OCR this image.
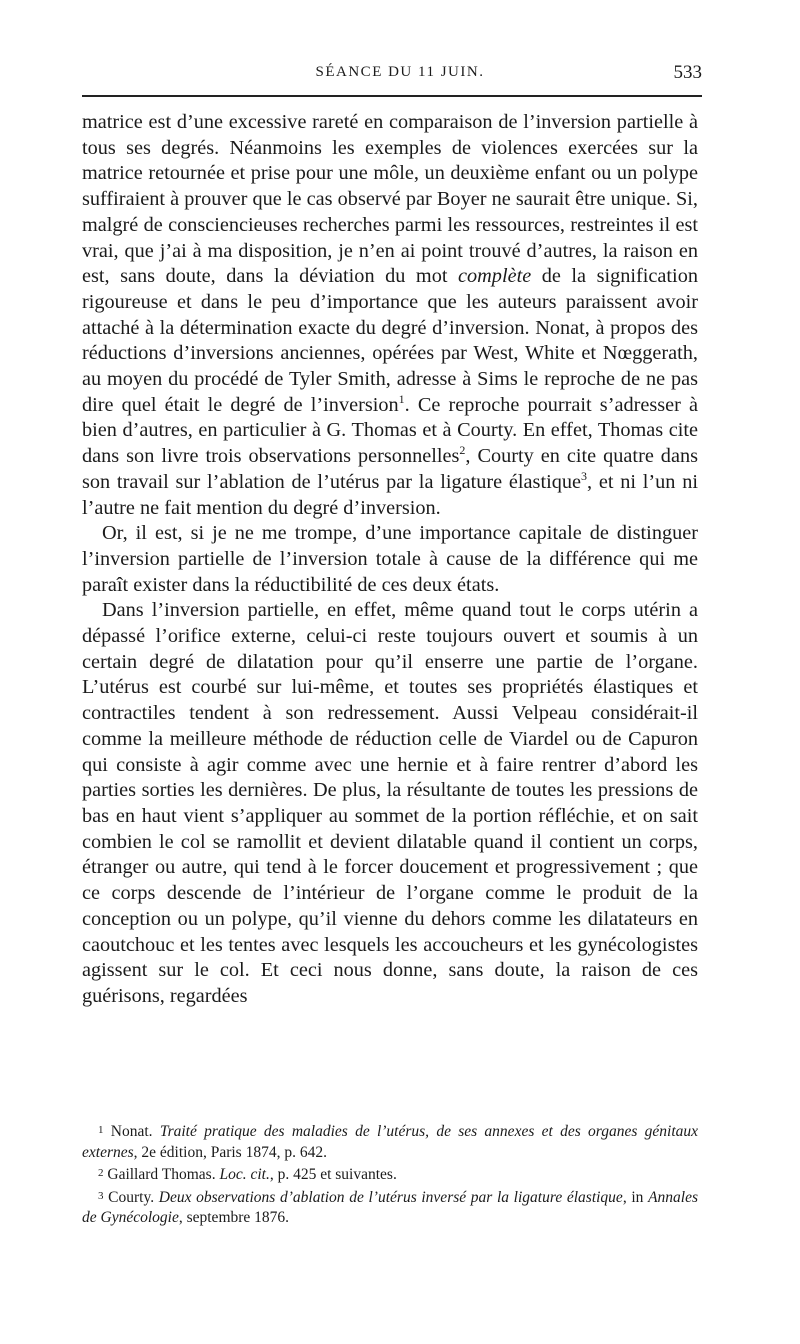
SÉANCE DU 11 JUIN.	533

matrice est d’une excessive rareté en comparaison de l’inversion partielle à tous ses degrés. Néanmoins les exemples de violences exercées sur la matrice retournée et prise pour une môle, un deuxième enfant ou un polype suffiraient à prouver que le cas observé par Boyer ne saurait être unique. Si, malgré de consciencieuses recherches parmi les ressources, restreintes il est vrai, que j’ai à ma disposition, je n’en ai point trouvé d’autres, la raison en est, sans doute, dans la déviation du mot complète de la signification rigoureuse et dans le peu d’importance que les auteurs paraissent avoir attaché à la détermination exacte du degré d’inversion. Nonat, à propos des réductions d’inversions anciennes, opérées par West, White et Nœggerath, au moyen du procédé de Tyler Smith, adresse à Sims le reproche de ne pas dire quel était le degré de l’inversion$^1$. Ce reproche pourrait s’adresser à bien d’autres, en particulier à G. Thomas et à Courty. En effet, Thomas cite dans son livre trois observations personnelles$^2$, Courty en cite quatre dans son travail sur l’ablation de l’utérus par la ligature élastique$^3$, et ni l’un ni l’autre ne fait mention du degré d’inversion.

Or, il est, si je ne me trompe, d’une importance capitale de distinguer l’inversion partielle de l’inversion totale à cause de la différence qui me paraît exister dans la réductibilité de ces deux états.

Dans l’inversion partielle, en effet, même quand tout le corps utérin a dépassé l’orifice externe, celui-ci reste toujours ouvert et soumis à un certain degré de dilatation pour qu’il enserre une partie de l’organe. L’utérus est courbé sur lui-même, et toutes ses propriétés élastiques et contractiles tendent à son redressement. Aussi Velpeau considérait-il comme la meilleure méthode de réduction celle de Viardel ou de Capuron qui consiste à agir comme avec une hernie et à faire rentrer d’abord les parties sorties les dernières. De plus, la résultante de toutes les pressions de bas en haut vient s’appliquer au sommet de la portion réfléchie, et on sait combien le col se ramollit et devient dilatable quand il contient un corps, étranger ou autre, qui tend à le forcer doucement et progressivement ; que ce corps descende de l’intérieur de l’organe comme le produit de la conception ou un polype, qu’il vienne du dehors comme les dilatateurs en caoutchouc et les tentes avec lesquels les accoucheurs et les gynécologistes agissent sur le col. Et ceci nous donne, sans doute, la raison de ces guérisons, regardées

1 Nonat. Traité pratique des maladies de l’utérus, de ses annexes et des organes génitaux externes, 2e édition, Paris 1874, p. 642.

2 Gaillard Thomas. Loc. cit., p. 425 et suivantes.

3 Courty. Deux observations d’ablation de l’utérus inversé par la ligature élastique, in Annales de Gynécologie, septembre 1876.
